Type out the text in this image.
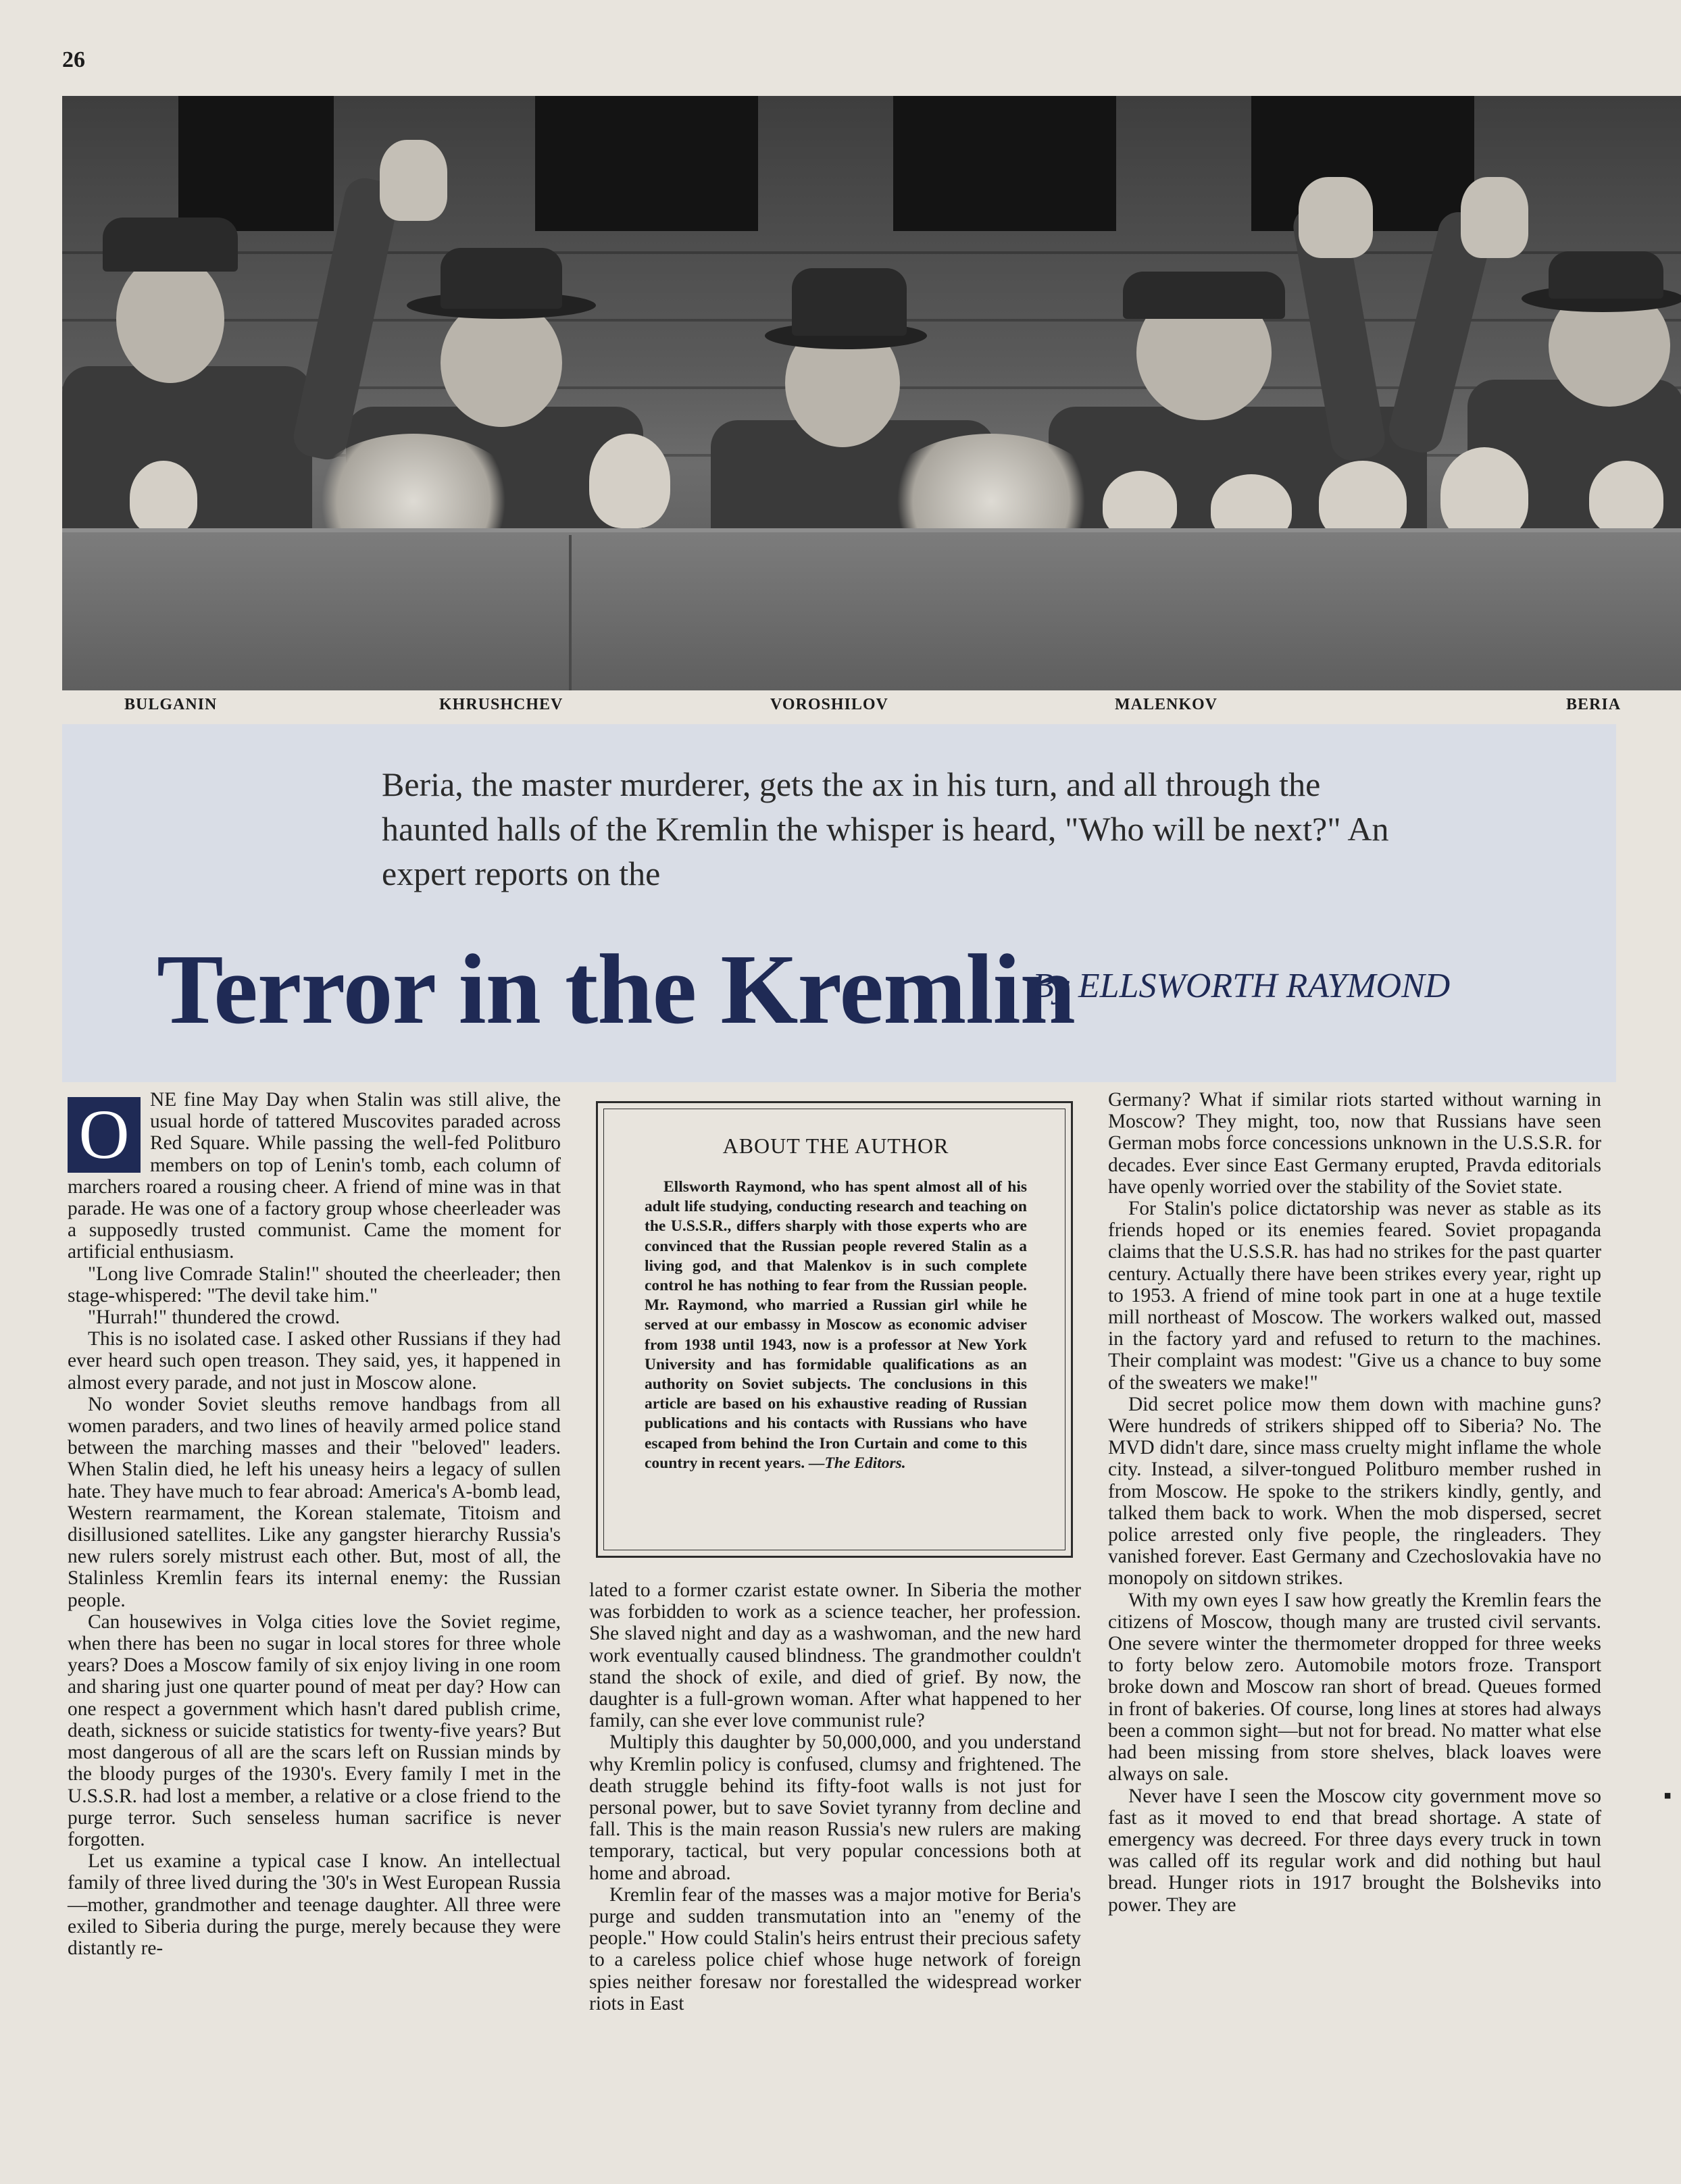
26
BULGANIN	KHRUSHCHEV	VOROSHILOV	MALENKOV	BERIA
Beria, the master murderer, gets the ax in his turn, and all through the haunted halls of the Kremlin the whisper is heard, "Who will be next?" An expert reports on the
Terror in the Kremlin
By ELLSWORTH RAYMOND

O	NE fine May Day when Stalin was still alive, the usual horde of tattered Muscovites paraded across Red Square. While passing the well-fed Politburo members on top of Lenin's tomb, each column of marchers roared a rousing cheer. A friend of mine was in that parade. He was one of a factory group whose cheerleader was a supposedly trusted communist. Came the moment for artificial enthusiasm.

"Long live Comrade Stalin!" shouted the cheerleader; then stage-whispered: "The devil take him."

"Hurrah!" thundered the crowd.

This is no isolated case. I asked other Russians if they had ever heard such open treason. They said, yes, it happened in almost every parade, and not just in Moscow alone.

No wonder Soviet sleuths remove handbags from all women paraders, and two lines of heavily armed police stand between the marching masses and their "beloved" leaders. When Stalin died, he left his uneasy heirs a legacy of sullen hate. They have much to fear abroad: America's A-bomb lead, Western rearmament, the Korean stalemate, Titoism and disillusioned satellites. Like any gangster hierarchy Russia's new rulers sorely mistrust each other. But, most of all, the Stalinless Kremlin fears its internal enemy: the Russian people.

Can housewives in Volga cities love the Soviet regime, when there has been no sugar in local stores for three whole years? Does a Moscow family of six enjoy living in one room and sharing just one quarter pound of meat per day? How can one respect a government which hasn't dared publish crime, death, sickness or suicide statistics for twenty-five years? But most dangerous of all are the scars left on Russian minds by the bloody purges of the 1930's. Every family I met in the U.S.S.R. had lost a member, a relative or a close friend to the purge terror. Such senseless human sacrifice is never forgotten.

Let us examine a typical case I know. An intellectual family of three lived during the '30's in West European Russia—mother, grandmother and teenage daughter. All three were exiled to Siberia during the purge, merely because they were distantly re-

ABOUT THE AUTHOR

Ellsworth Raymond, who has spent almost all of his adult life studying, conducting research and teaching on the U.S.S.R., differs sharply with those experts who are convinced that the Russian people revered Stalin as a living god, and that Malenkov is in such complete control he has nothing to fear from the Russian people. Mr. Raymond, who married a Russian girl while he served at our embassy in Moscow as economic adviser from 1938 until 1943, now is a professor at New York University and has formidable qualifications as an authority on Soviet subjects. The conclusions in this article are based on his exhaustive reading of Russian publications and his contacts with Russians who have escaped from behind the Iron Curtain and come to this country in recent years. —The Editors.

lated to a former czarist estate owner. In Siberia the mother was forbidden to work as a science teacher, her profession. She slaved night and day as a washwoman, and the new hard work eventually caused blindness. The grandmother couldn't stand the shock of exile, and died of grief. By now, the daughter is a full-grown woman. After what happened to her family, can she ever love communist rule?

Multiply this daughter by 50,000,000, and you understand why Kremlin policy is confused, clumsy and frightened. The death struggle behind its fifty-foot walls is not just for personal power, but to save Soviet tyranny from decline and fall. This is the main reason Russia's new rulers are making temporary, tactical, but very popular concessions both at home and abroad.

Kremlin fear of the masses was a major motive for Beria's purge and sudden transmutation into an "enemy of the people." How could Stalin's heirs entrust their precious safety to a careless police chief whose huge network of foreign spies neither foresaw nor forestalled the widespread worker riots in East

Germany? What if similar riots started without warning in Moscow? They might, too, now that Russians have seen German mobs force concessions unknown in the U.S.S.R. for decades. Ever since East Germany erupted, Pravda editorials have openly worried over the stability of the Soviet state.

For Stalin's police dictatorship was never as stable as its friends hoped or its enemies feared. Soviet propaganda claims that the U.S.S.R. has had no strikes for the past quarter century. Actually there have been strikes every year, right up to 1953. A friend of mine took part in one at a huge textile mill northeast of Moscow. The workers walked out, massed in the factory yard and refused to return to the machines. Their complaint was modest: "Give us a chance to buy some of the sweaters we make!"

Did secret police mow them down with machine guns? Were hundreds of strikers shipped off to Siberia? No. The MVD didn't dare, since mass cruelty might inflame the whole city. Instead, a silver-tongued Politburo member rushed in from Moscow. He spoke to the strikers kindly, gently, and talked them back to work. When the mob dispersed, secret police arrested only five people, the ringleaders. They vanished forever. East Germany and Czechoslovakia have no monopoly on sitdown strikes.

With my own eyes I saw how greatly the Kremlin fears the citizens of Moscow, though many are trusted civil servants. One severe winter the thermometer dropped for three weeks to forty below zero. Automobile motors froze. Transport broke down and Moscow ran short of bread. Queues formed in front of bakeries. Of course, long lines at stores had always been a common sight—but not for bread. No matter what else had been missing from store shelves, black loaves were always on sale.

Never have I seen the Moscow city government move so fast as it moved to end that bread shortage. A state of emergency was decreed. For three days every truck in town was called off its regular work and did nothing but haul bread. Hunger riots in 1917 brought the Bolsheviks into power. They are

▪
